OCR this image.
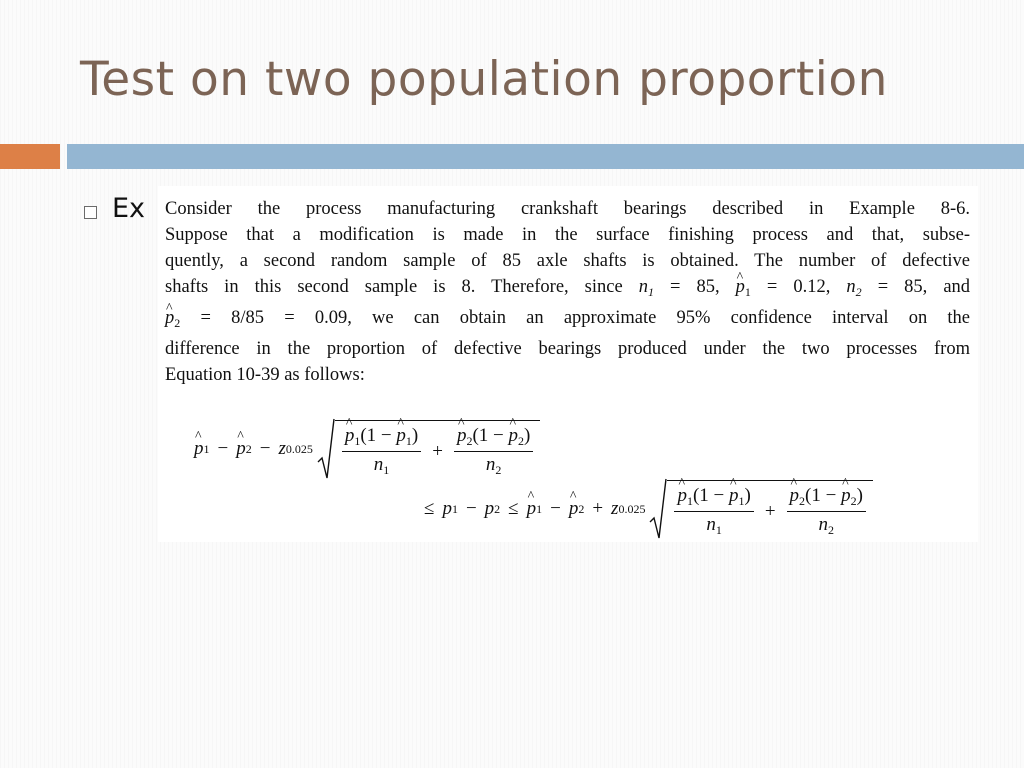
Test on two population proportion
Ex Consider the process manufacturing crankshaft bearings described in Example 8-6.
Suppose that a modification is made in the surface finishing process and that, subse-
quently, a second random sample of 85 axle shafts is obtained. The number of defective
shafts in this second sample is 8. Therefore, since $n_1 = 85$, ^ $p_1 = 0.12$, $n_2 = 85$, and
^ $p_2 = 8/85 = 0.09$, we can obtain an approximate 95% confidence interval on the
difference in the proportion of defective bearings produced under the two processes from
Equation 10-39 as follows:
^ p 1 − ^ p 2 − z 0.025 ^ $\frac{p_1(1 - \^{} p_1)}{n_1}$ + ^ $\frac{p_2(1 - \^{} p_2)}{n_2}$
≤ p 1 − p 2 ≤ ^ p 1 − ^ p 2 + z 0.025 ^ $\frac{p_1(1 - \^{} p_1)}{n_1}$ + ^ $\frac{p_2(1 - \^{} p_2)}{n_2}$
